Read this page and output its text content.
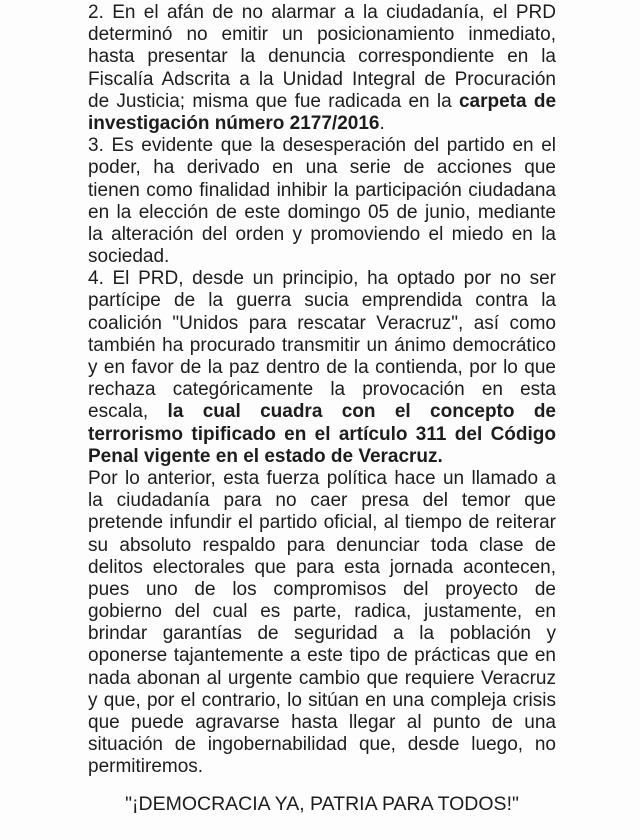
2. En el afán de no alarmar a la ciudadanía, el PRD
determinó no emitir un posicionamiento inmediato,
hasta presentar la denuncia correspondiente en la
Fiscalía Adscrita a la Unidad Integral de Procuración
de Justicia; misma que fue radicada en la carpeta de
investigación número 2177/2016.
3. Es evidente que la desesperación del partido en el
poder, ha derivado en una serie de acciones que
tienen como finalidad inhibir la participación ciudadana
en la elección de este domingo 05 de junio, mediante
la alteración del orden y promoviendo el miedo en la
sociedad.
4. El PRD, desde un principio, ha optado por no ser
partícipe de la guerra sucia emprendida contra la
coalición "Unidos para rescatar Veracruz", así como
también ha procurado transmitir un ánimo democrático
y en favor de la paz dentro de la contienda, por lo que
rechaza categóricamente la provocación en esta
escala, la cual cuadra con el concepto de
terrorismo tipificado en el artículo 311 del Código
Penal vigente en el estado de Veracruz.
Por lo anterior, esta fuerza política hace un llamado a
la ciudadanía para no caer presa del temor que
pretende infundir el partido oficial, al tiempo de reiterar
su absoluto respaldo para denunciar toda clase de
delitos electorales que para esta jornada acontecen,
pues uno de los compromisos del proyecto de
gobierno del cual es parte, radica, justamente, en
brindar garantías de seguridad a la población y
oponerse tajantemente a este tipo de prácticas que en
nada abonan al urgente cambio que requiere Veracruz
y que, por el contrario, lo sitúan en una compleja crisis
que puede agravarse hasta llegar al punto de una
situación de ingobernabilidad que, desde luego, no
permitiremos.
"¡DEMOCRACIA YA, PATRIA PARA TODOS!"
